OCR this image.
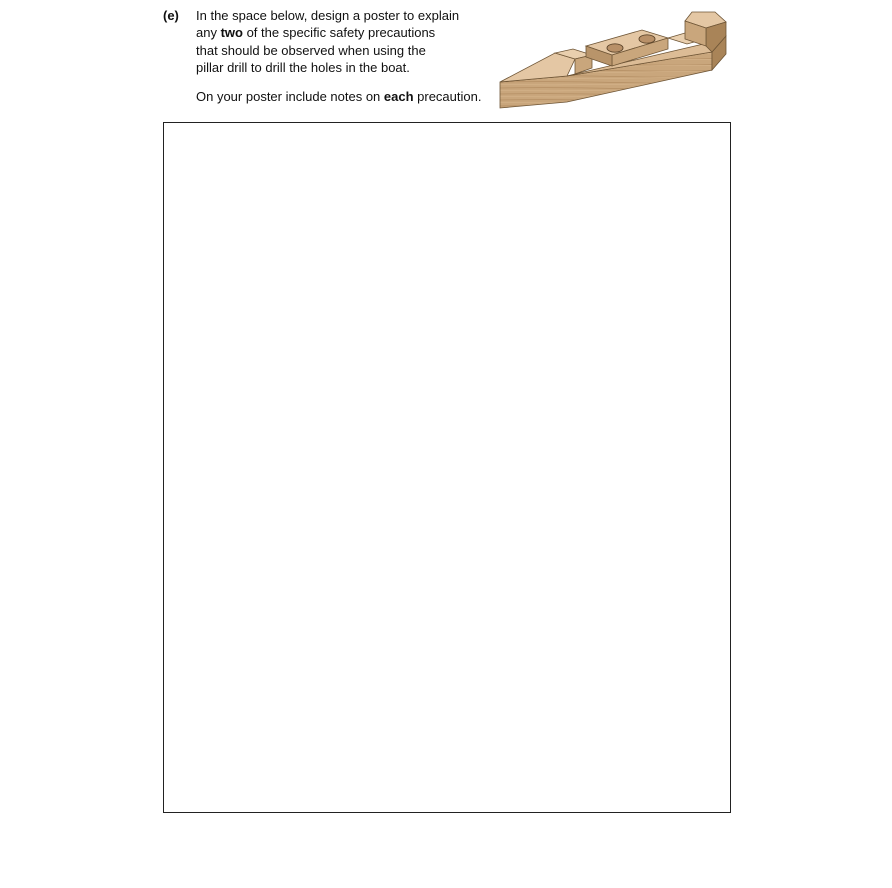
(e) In the space below, design a poster to explain
any two of the specific safety precautions
that should be observed when using the
pillar drill to drill the holes in the boat.
On your poster include notes on each precaution.
